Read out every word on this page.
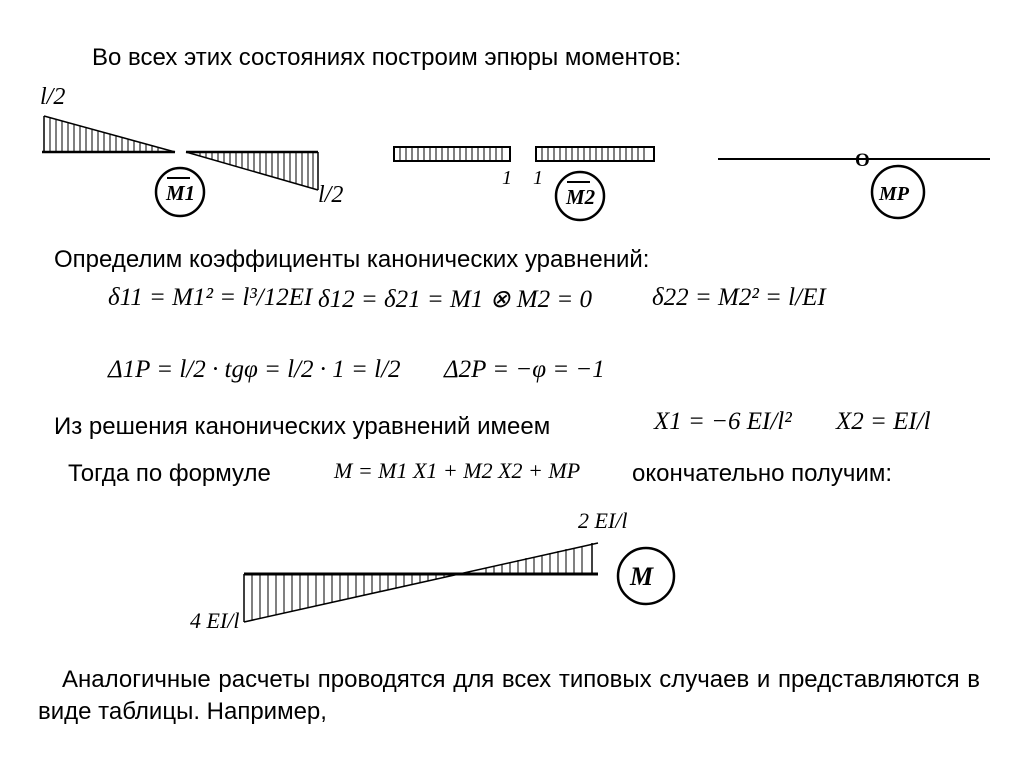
Во всех этих состояниях построим эпюры моментов:
l/2
l/2
M1
1 1
M2
O
MP
M
2 EI/l
4 EI/l
Определим коэффициенты канонических уравнений:
δ11 = M1² = l³/12EI δ12 = δ21 = M1 ⊗ M2 = 0 δ22 = M2² = l/EI
Δ1P = l/2 · tgφ = l/2 · 1 = l/2 Δ2P = −φ = −1
Из решения канонических уравнений имеем	X1 = −6 EI/l² X2 = EI/l
Тогда по формуле	M = M1 X1 + M2 X2 + MP окончательно получим:
Аналогичные расчеты проводятся для всех типовых случаев и представляются в виде таблицы. Например,
